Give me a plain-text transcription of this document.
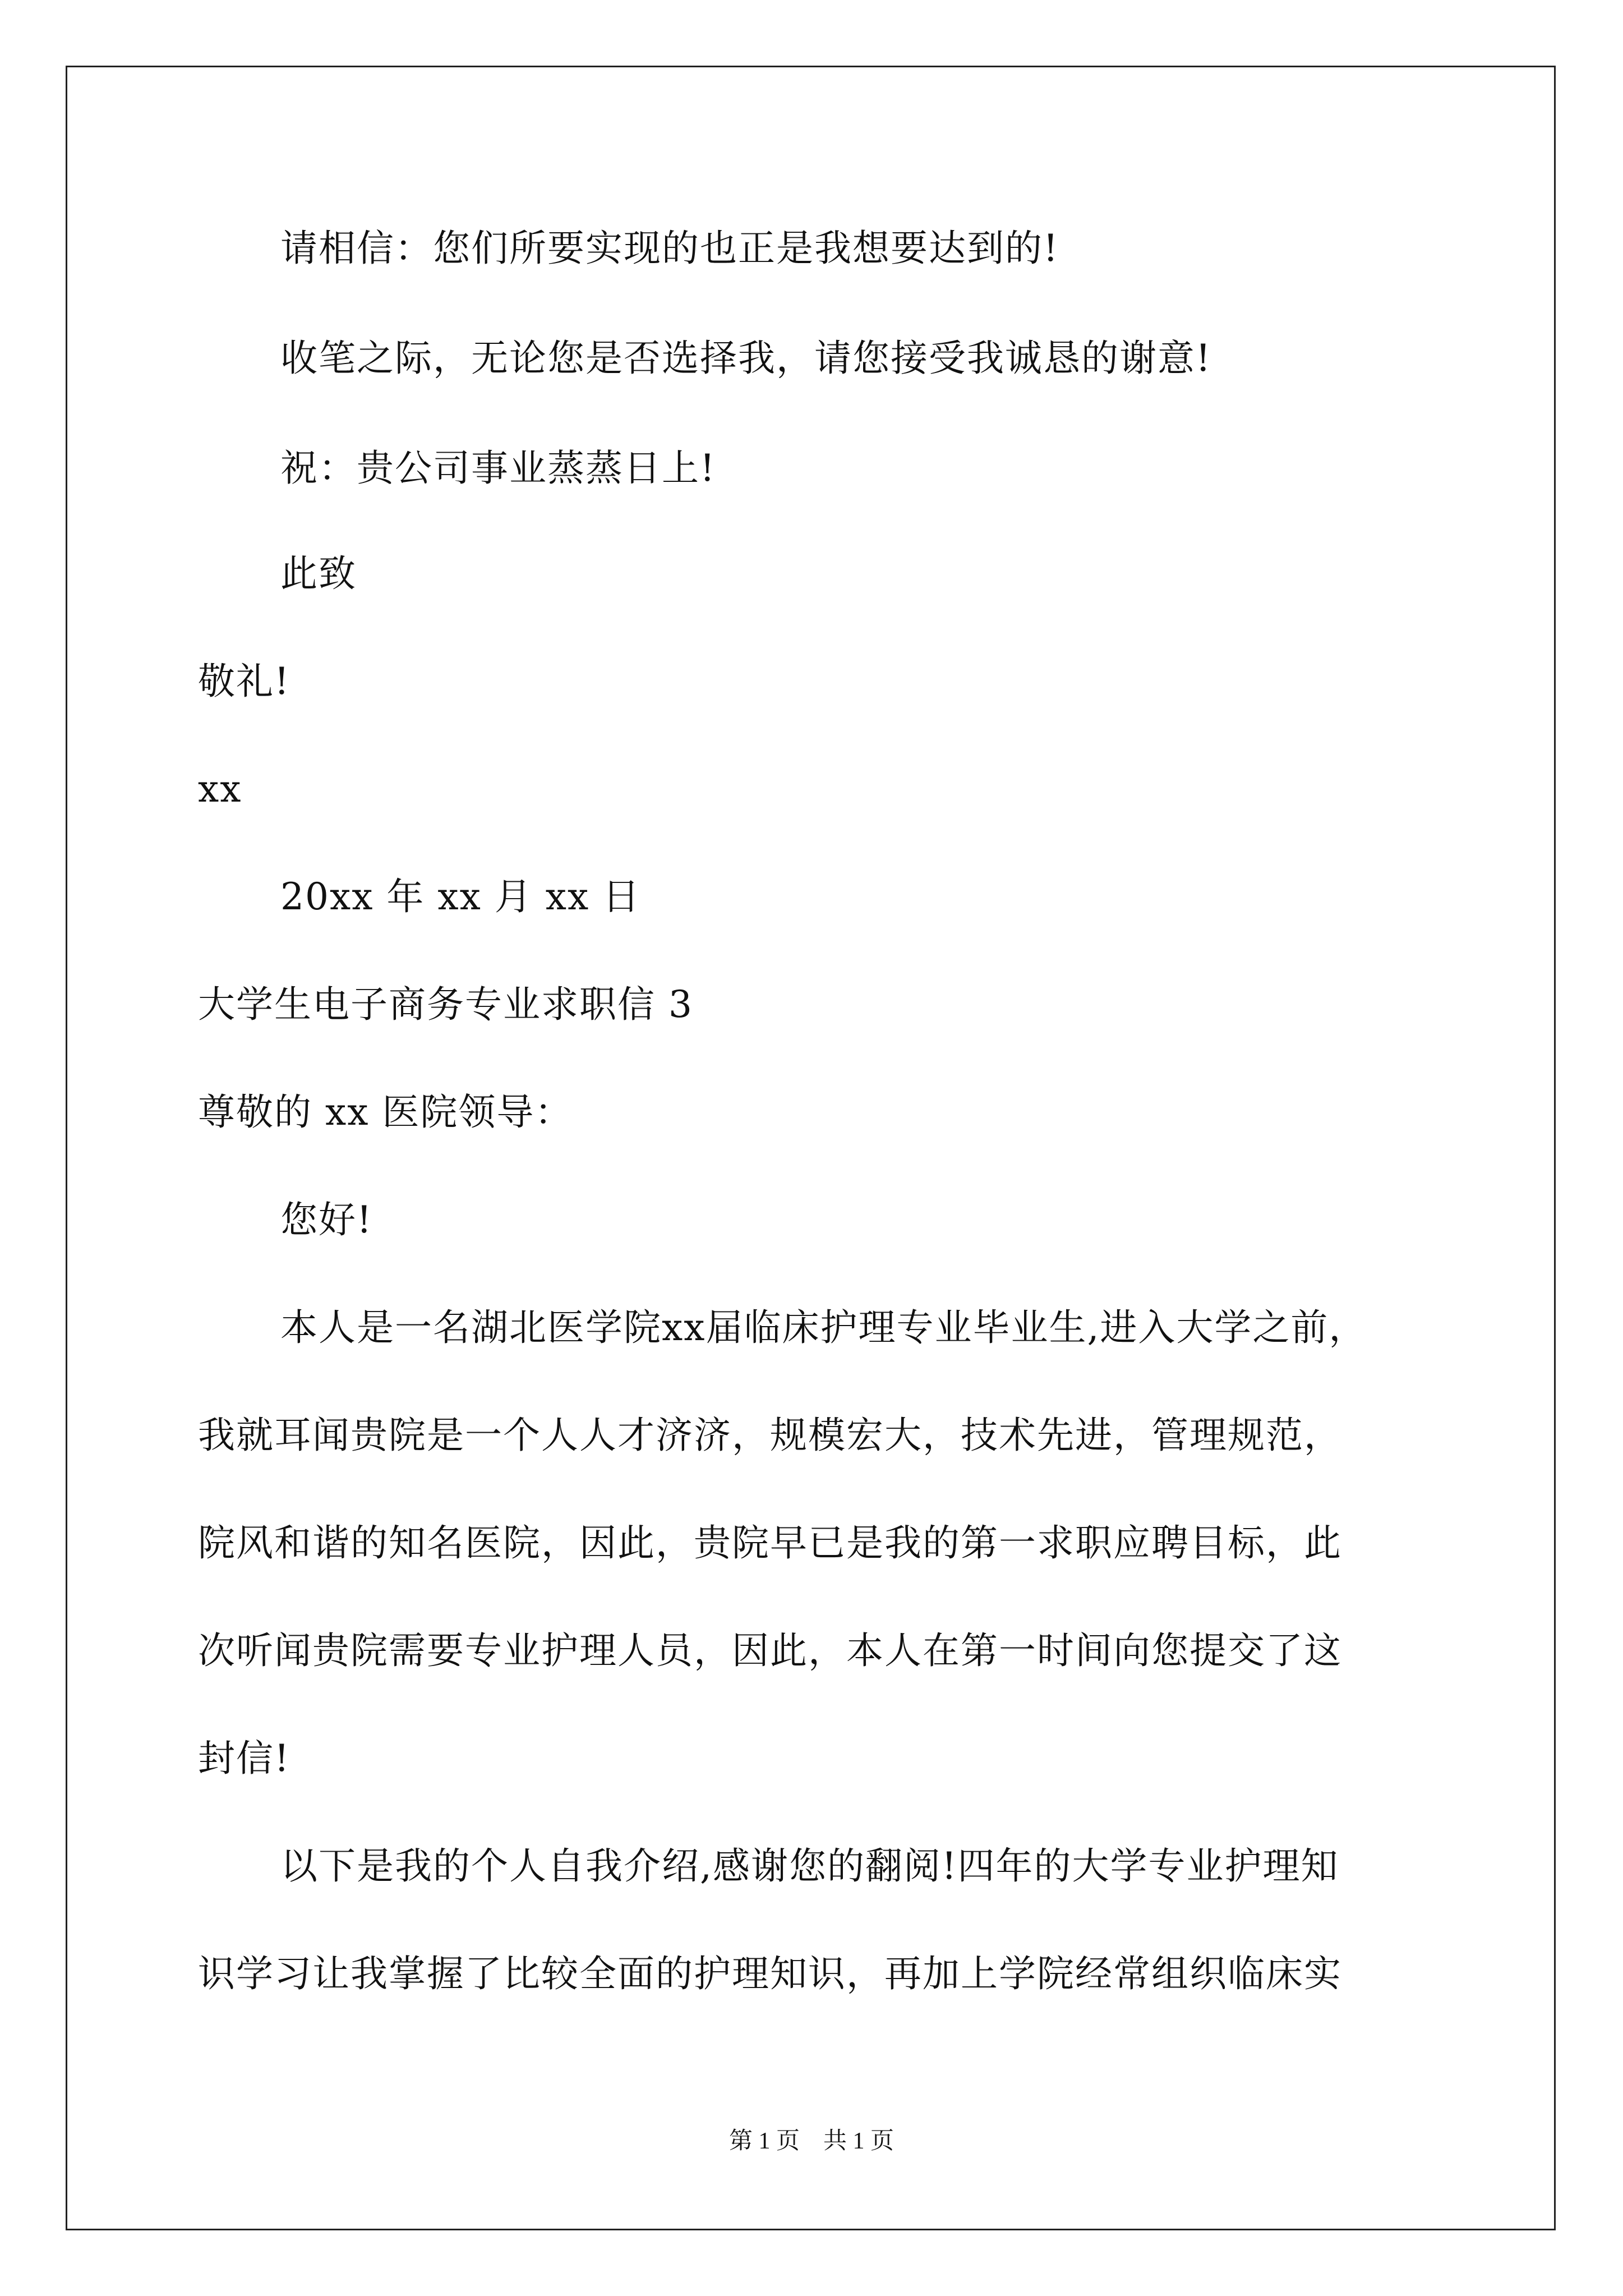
请相信：您们所要实现的也正是我想要达到的!
收笔之际，无论您是否选择我，请您接受我诚恳的谢意!
祝：贵公司事业蒸蒸日上!
此致
敬礼!
xx
20xx 年 xx 月 xx 日
大学生电子商务专业求职信 3
尊敬的 xx 医院领导：
您好!
本人是一名湖北医学院xx届临床护理专业毕业生,进入大学之前，
我就耳闻贵院是一个人人才济济，规模宏大，技术先进，管理规范，
院风和谐的知名医院，因此，贵院早已是我的第一求职应聘目标，此
次听闻贵院需要专业护理人员，因此，本人在第一时间向您提交了这
封信!
以下是我的个人自我介绍,感谢您的翻阅!四年的大学专业护理知
识学习让我掌握了比较全面的护理知识，再加上学院经常组织临床实
第 1 页    共 1 页
